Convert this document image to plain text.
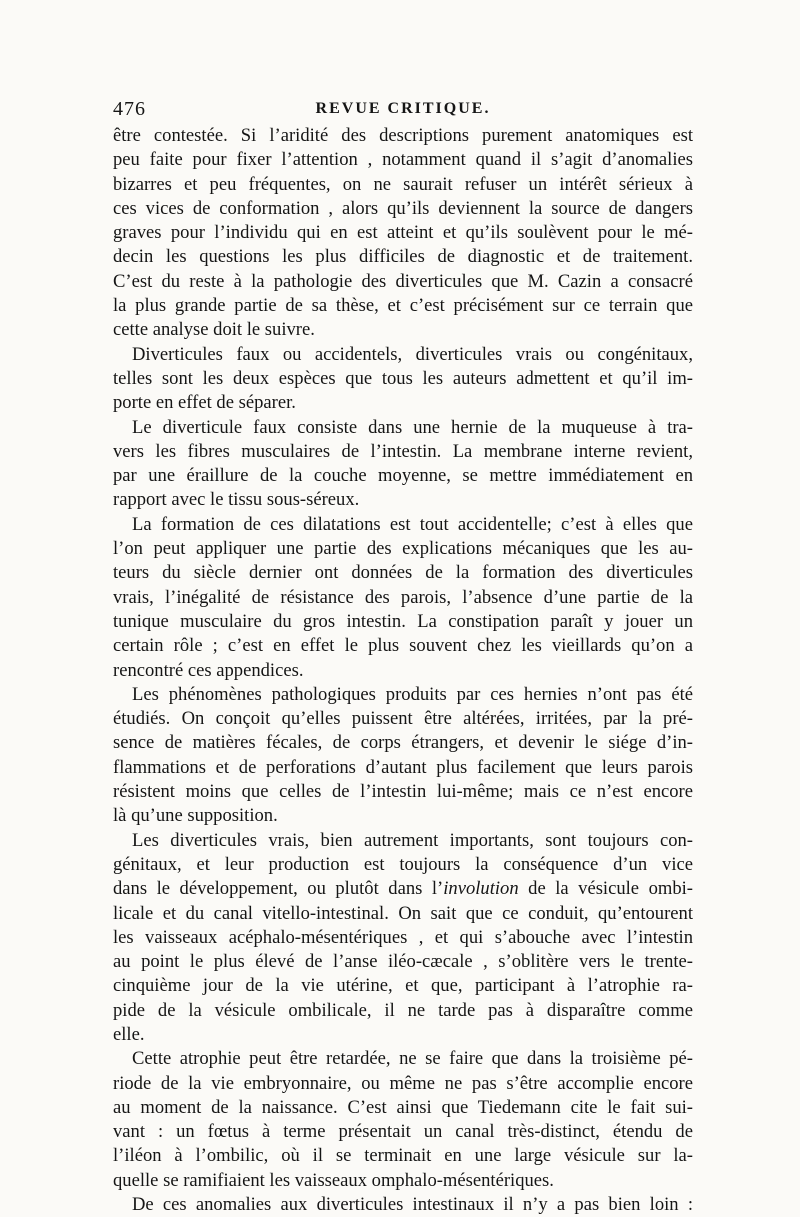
476	REVUE CRITIQUE.
être contestée. Si l’aridité des descriptions purement anatomiques est
peu faite pour fixer l’attention , notamment quand il s’agit d’anomalies
bizarres et peu fréquentes, on ne saurait refuser un intérêt sérieux à
ces vices de conformation , alors qu’ils deviennent la source de dangers
graves pour l’individu qui en est atteint et qu’ils soulèvent pour le mé-
decin les questions les plus difficiles de diagnostic et de traitement.
C’est du reste à la pathologie des diverticules que M. Cazin a consacré
la plus grande partie de sa thèse, et c’est précisément sur ce terrain que
cette analyse doit le suivre.
Diverticules faux ou accidentels, diverticules vrais ou congénitaux,
telles sont les deux espèces que tous les auteurs admettent et qu’il im-
porte en effet de séparer.
Le diverticule faux consiste dans une hernie de la muqueuse à tra-
vers les fibres musculaires de l’intestin. La membrane interne revient,
par une éraillure de la couche moyenne, se mettre immédiatement en
rapport avec le tissu sous-séreux.
La formation de ces dilatations est tout accidentelle; c’est à elles que
l’on peut appliquer une partie des explications mécaniques que les au-
teurs du siècle dernier ont données de la formation des diverticules
vrais, l’inégalité de résistance des parois, l’absence d’une partie de la
tunique musculaire du gros intestin. La constipation paraît y jouer un
certain rôle ; c’est en effet le plus souvent chez les vieillards qu’on a
rencontré ces appendices.
Les phénomènes pathologiques produits par ces hernies n’ont pas été
étudiés. On conçoit qu’elles puissent être altérées, irritées, par la pré-
sence de matières fécales, de corps étrangers, et devenir le siége d’in-
flammations et de perforations d’autant plus facilement que leurs parois
résistent moins que celles de l’intestin lui-même; mais ce n’est encore
là qu’une supposition.
Les diverticules vrais, bien autrement importants, sont toujours con-
génitaux, et leur production est toujours la conséquence d’un vice
dans le développement, ou plutôt dans l’involution de la vésicule ombi-
licale et du canal vitello-intestinal. On sait que ce conduit, qu’entourent
les vaisseaux acéphalo-mésentériques , et qui s’abouche avec l’intestin
au point le plus élevé de l’anse iléo-cæcale , s’oblitère vers le trente-
cinquième jour de la vie utérine, et que, participant à l’atrophie ra-
pide de la vésicule ombilicale, il ne tarde pas à disparaître comme
elle.
Cette atrophie peut être retardée, ne se faire que dans la troisième pé-
riode de la vie embryonnaire, ou même ne pas s’être accomplie encore
au moment de la naissance. C’est ainsi que Tiedemann cite le fait sui-
vant : un fœtus à terme présentait un canal très-distinct, étendu de
l’iléon à l’ombilic, où il se terminait en une large vésicule sur la-
quelle se ramifiaient les vaisseaux omphalo-mésentériques.
De ces anomalies aux diverticules intestinaux il n’y a pas bien loin :
